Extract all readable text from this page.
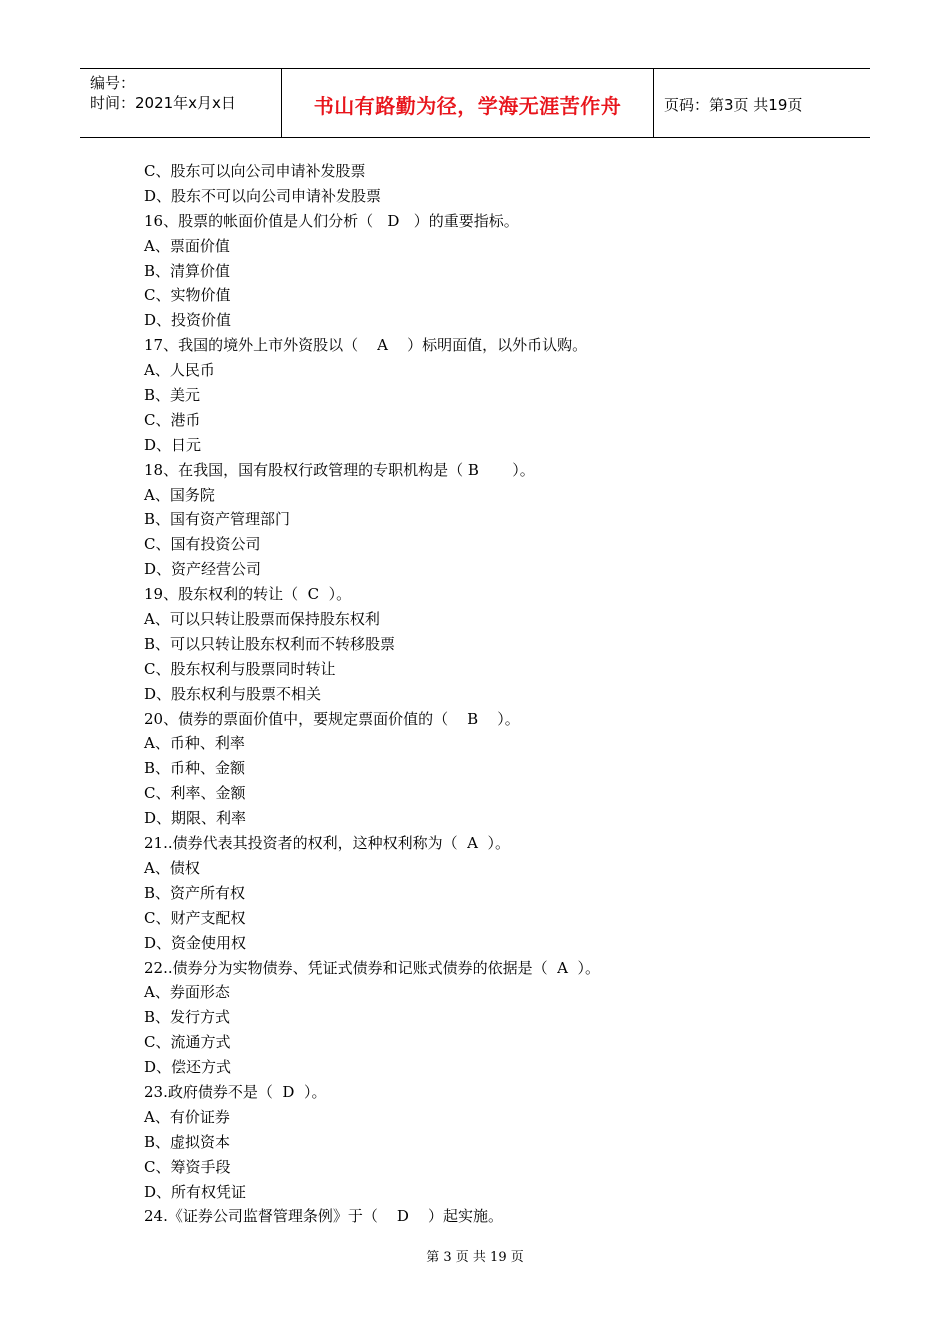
编号：
时间：2021年x月x日	书山有路勤为径，学海无涯苦作舟	页码：第3页 共19页
C、股东可以向公司申请补发股票
D、股东不可以向公司申请补发股票
16、股票的帐面价值是人们分析（   D   ）的重要指标。
A、票面价值
B、清算价值
C、实物价值
D、投资价值
17、我国的境外上市外资股以（    A    ）标明面值，以外币认购。
A、人民币
B、美元
C、港币
D、日元
18、在我国，国有股权行政管理的专职机构是（ B       ）。
A、国务院
B、国有资产管理部门
C、国有投资公司
D、资产经营公司
19、股东权利的转让（  C  ）。
A、可以只转让股票而保持股东权利
B、可以只转让股东权利而不转移股票
C、股东权利与股票同时转让
D、股东权利与股票不相关
20、债券的票面价值中，要规定票面价值的（    B    ）。
A、币种、利率
B、币种、金额
C、利率、金额
D、期限、利率
21..债券代表其投资者的权利，这种权利称为（  A  ）。
A、债权
B、资产所有权
C、财产支配权
D、资金使用权
22..债券分为实物债券、凭证式债券和记账式债券的依据是（  A  ）。
A、券面形态
B、发行方式
C、流通方式
D、偿还方式
23.政府债券不是（  D  ）。
A、有价证券
B、虚拟资本
C、筹资手段
D、所有权凭证
24.《证券公司监督管理条例》于（    D    ）起实施。
第 3 页 共 19 页
